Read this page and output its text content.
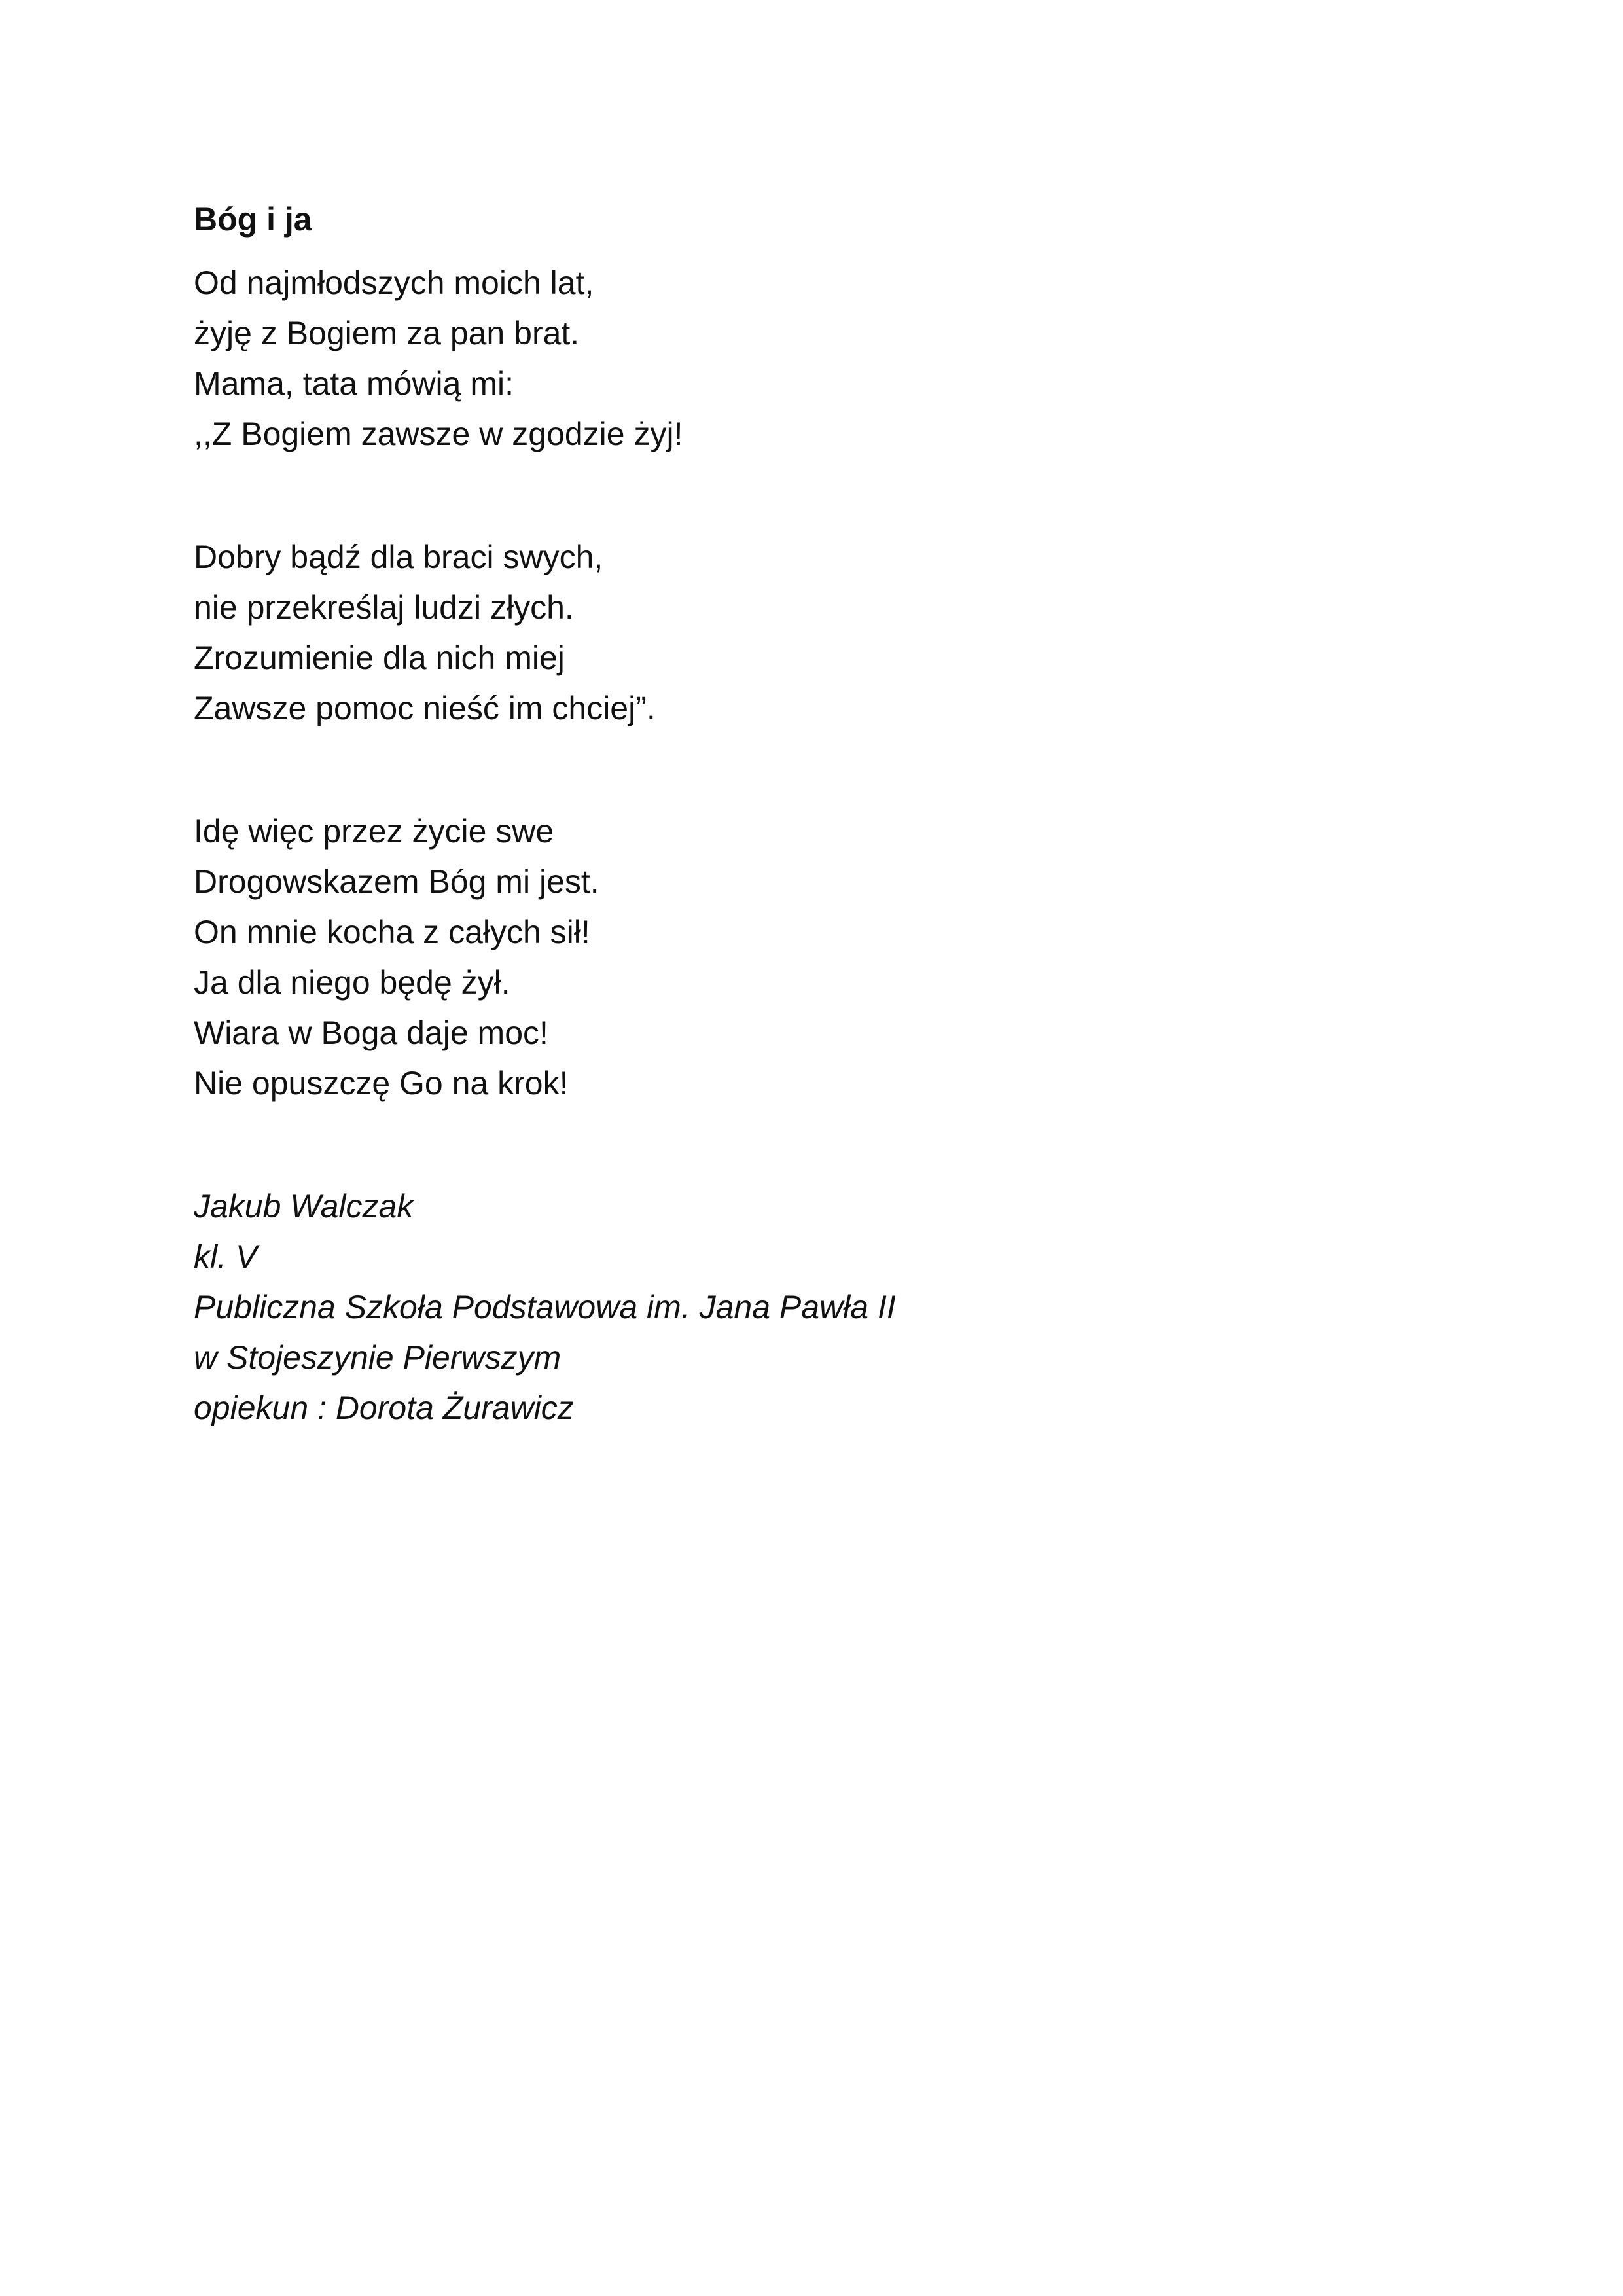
Bóg i ja
Od najmłodszych moich lat,
żyję z Bogiem za pan brat.
Mama, tata mówią mi:
,,Z Bogiem zawsze w zgodzie żyj!
Dobry bądź dla braci swych,
nie przekreślaj ludzi złych.
Zrozumienie dla nich miej
Zawsze pomoc nieść im chciej”.
Idę więc przez życie swe
Drogowskazem Bóg mi jest.
On mnie kocha z całych sił!
Ja dla niego będę żył.
Wiara w Boga daje moc!
Nie opuszczę Go na krok!
Jakub Walczak
kl. V
Publiczna Szkoła Podstawowa im. Jana Pawła II
w Stojeszynie Pierwszym
opiekun : Dorota Żurawicz
